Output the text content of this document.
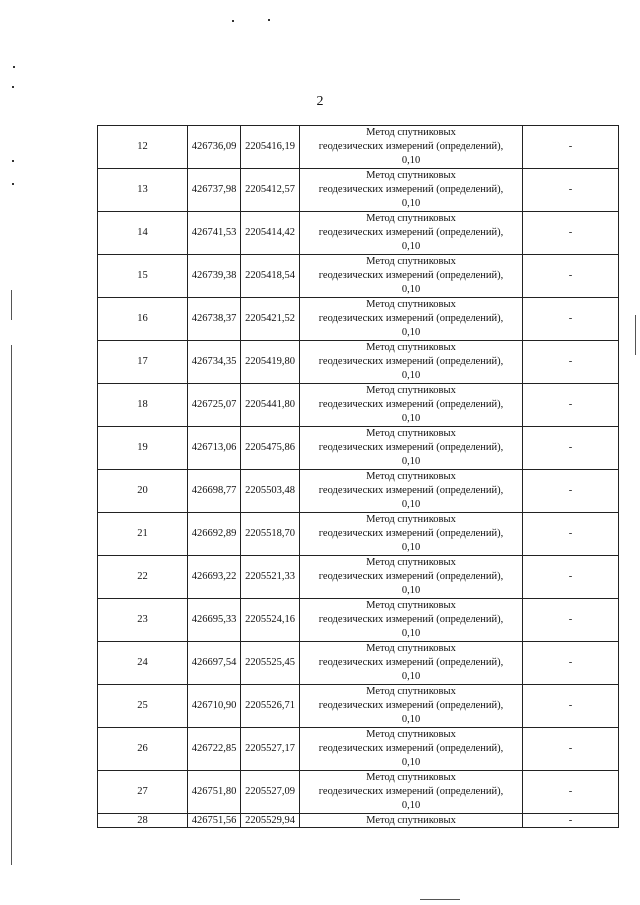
2
12	426736,09	2205416,19	Метод спутниковых
геодезических измерений (определений),
0,10	-
13	426737,98	2205412,57	Метод спутниковых
геодезических измерений (определений),
0,10	-
14	426741,53	2205414,42	Метод спутниковых
геодезических измерений (определений),
0,10	-
15	426739,38	2205418,54	Метод спутниковых
геодезических измерений (определений),
0,10	-
16	426738,37	2205421,52	Метод спутниковых
геодезических измерений (определений),
0,10	-
17	426734,35	2205419,80	Метод спутниковых
геодезических измерений (определений),
0,10	-
18	426725,07	2205441,80	Метод спутниковых
геодезических измерений (определений),
0,10	-
19	426713,06	2205475,86	Метод спутниковых
геодезических измерений (определений),
0,10	-
20	426698,77	2205503,48	Метод спутниковых
геодезических измерений (определений),
0,10	-
21	426692,89	2205518,70	Метод спутниковых
геодезических измерений (определений),
0,10	-
22	426693,22	2205521,33	Метод спутниковых
геодезических измерений (определений),
0,10	-
23	426695,33	2205524,16	Метод спутниковых
геодезических измерений (определений),
0,10	-
24	426697,54	2205525,45	Метод спутниковых
геодезических измерений (определений),
0,10	-
25	426710,90	2205526,71	Метод спутниковых
геодезических измерений (определений),
0,10	-
26	426722,85	2205527,17	Метод спутниковых
геодезических измерений (определений),
0,10	-
27	426751,80	2205527,09	Метод спутниковых
геодезических измерений (определений),
0,10	-
28	426751,56	2205529,94	Метод спутниковых	-
